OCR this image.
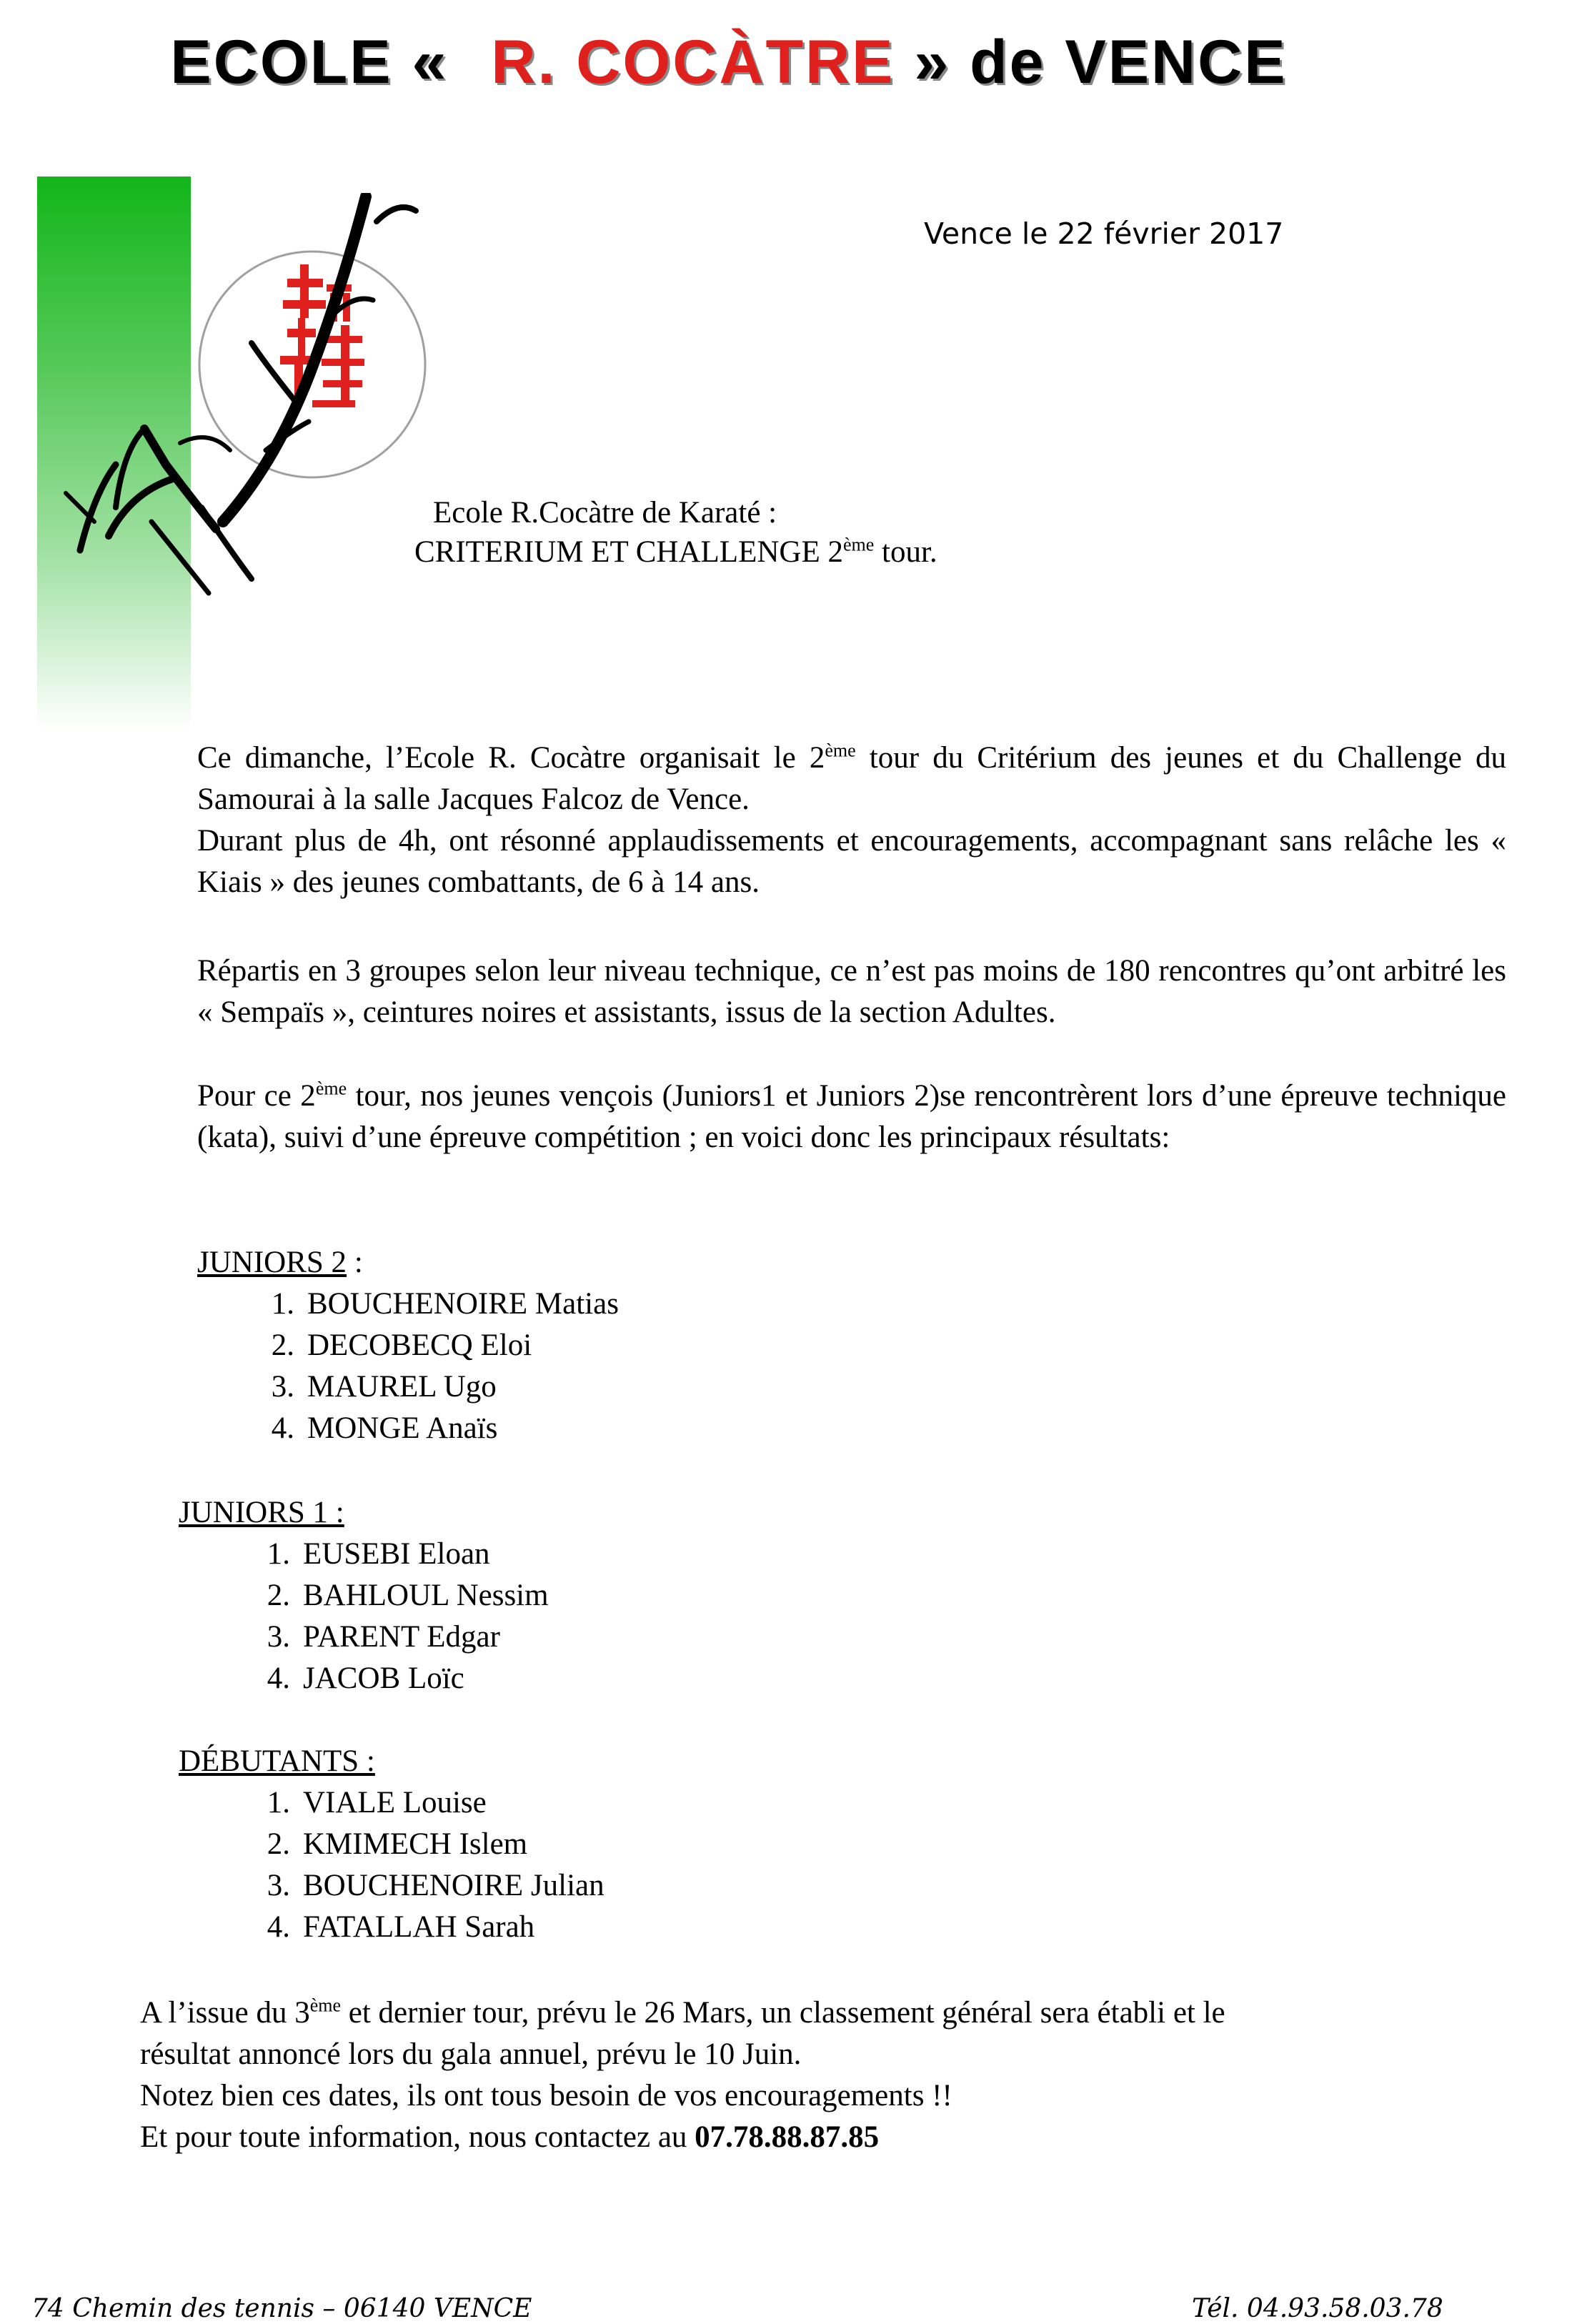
ECOLE « R. COCÀTRE » de VENCE
Vence le 22 février 2017
Ecole R.Cocàtre de Karaté :
CRITERIUM ET CHALLENGE 2ème tour.
Ce dimanche, l’Ecole R. Cocàtre organisait le 2ème tour du Critérium des jeunes et du Challenge du Samourai à la salle Jacques Falcoz de Vence.
Durant plus de 4h, ont résonné applaudissements et encouragements, accompagnant sans relâche les « Kiais » des jeunes combattants, de 6 à 14 ans.
Répartis en 3 groupes selon leur niveau technique, ce n’est pas moins de 180 rencontres qu’ont arbitré les « Sempaïs », ceintures noires et assistants, issus de la section Adultes.
Pour ce 2ème tour, nos jeunes vençois (Juniors1 et Juniors 2)se rencontrèrent lors d’une épreuve technique (kata), suivi d’une épreuve compétition ; en voici donc les principaux résultats:
JUNIORS 2 :
1. BOUCHENOIRE Matias
2. DECOBECQ Eloi
3. MAUREL Ugo
4. MONGE Anaïs
JUNIORS 1 :
1. EUSEBI Eloan
2. BAHLOUL Nessim
3. PARENT Edgar
4. JACOB Loïc
DÉBUTANTS :
1. VIALE Louise
2. KMIMECH Islem
3. BOUCHENOIRE Julian
4. FATALLAH Sarah
A l’issue du 3ème et dernier tour, prévu le 26 Mars, un classement général sera établi et le
résultat annoncé lors du gala annuel, prévu le 10 Juin.
Notez bien ces dates, ils ont tous besoin de vos encouragements !!
Et pour toute information, nous contactez au 07.78.88.87.85
74 Chemin des tennis – 06140 VENCE	Tél. 04.93.58.03.78
